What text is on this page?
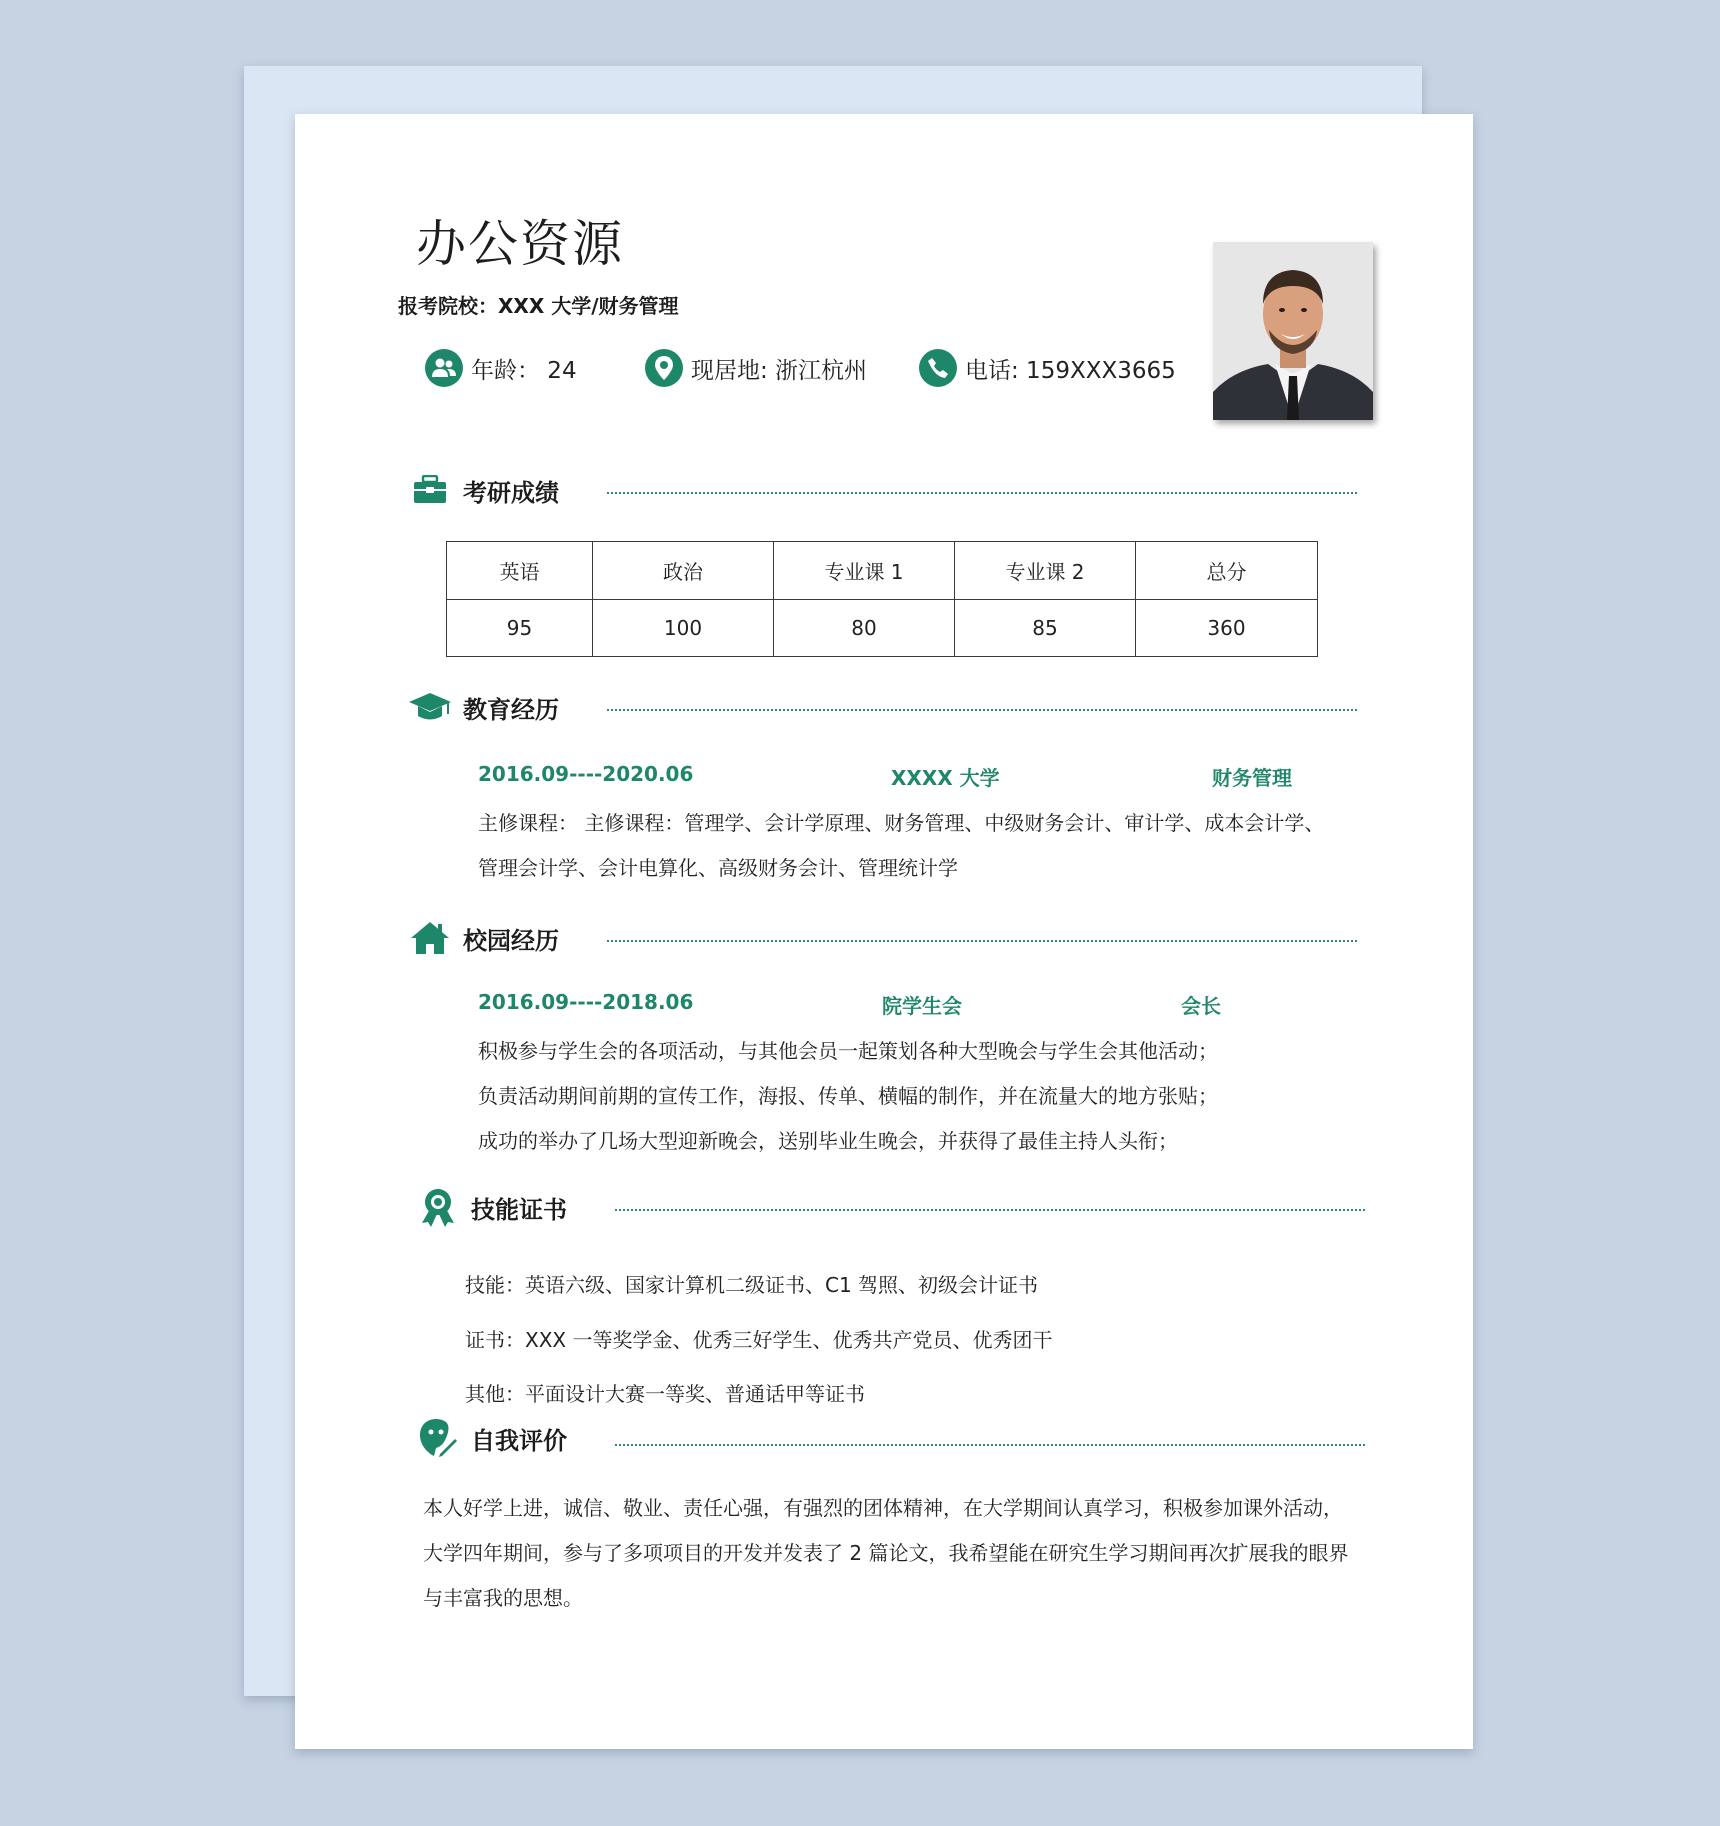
办公资源
报考院校：XXX 大学/财务管理
年龄： 24	现居地: 浙江杭州	电话: 159XXX3665
考研成绩
英语	政治	专业课 1	专业课 2	总分
95	100	80	85	360
教育经历
2016.09----2020.06	XXXX 大学	财务管理
主修课程： 主修课程：管理学、会计学原理、财务管理、中级财务会计、审计学、成本会计学、
管理会计学、会计电算化、高级财务会计、管理统计学
校园经历
2016.09----2018.06	院学生会	会长
积极参与学生会的各项活动，与其他会员一起策划各种大型晚会与学生会其他活动；
负责活动期间前期的宣传工作，海报、传单、横幅的制作，并在流量大的地方张贴；
成功的举办了几场大型迎新晚会，送别毕业生晚会，并获得了最佳主持人头衔；
技能证书
技能：英语六级、国家计算机二级证书、C1 驾照、初级会计证书
证书：XXX 一等奖学金、优秀三好学生、优秀共产党员、优秀团干
其他：平面设计大赛一等奖、普通话甲等证书
自我评价
本人好学上进，诚信、敬业、责任心强，有强烈的团体精神，在大学期间认真学习，积极参加课外活动，
大学四年期间，参与了多项项目的开发并发表了 2 篇论文，我希望能在研究生学习期间再次扩展我的眼界
与丰富我的思想。
